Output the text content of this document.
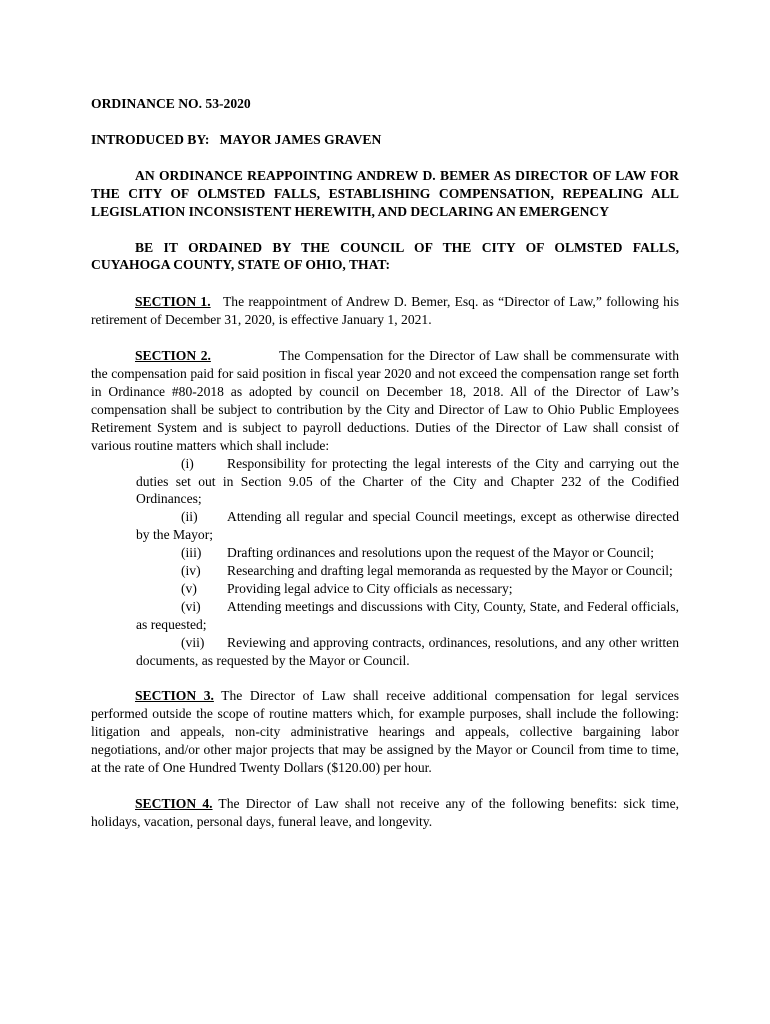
ORDINANCE NO. 53-2020

INTRODUCED BY:   MAYOR JAMES GRAVEN

AN ORDINANCE REAPPOINTING ANDREW D. BEMER AS DIRECTOR OF LAW FOR THE CITY OF OLMSTED FALLS, ESTABLISHING COMPENSATION, REPEALING ALL LEGISLATION INCONSISTENT HEREWITH, AND DECLARING AN EMERGENCY

BE IT ORDAINED BY THE COUNCIL OF THE CITY OF OLMSTED FALLS, CUYAHOGA COUNTY, STATE OF OHIO, THAT:

SECTION 1. The reappointment of Andrew D. Bemer, Esq. as “Director of Law,” following his retirement of December 31, 2020, is effective January 1, 2021.

SECTION 2.	The Compensation for the Director of Law shall be commensurate with the compensation paid for said position in fiscal year 2020 and not exceed the compensation range set forth in Ordinance #80-2018 as adopted by council on December 18, 2018. All of the Director of Law’s compensation shall be subject to contribution by the City and Director of Law to Ohio Public Employees Retirement System and is subject to payroll deductions. Duties of the Director of Law shall consist of various routine matters which shall include:

(i) Responsibility for protecting the legal interests of the City and carrying out the duties set out in Section 9.05 of the Charter of the City and Chapter 232 of the Codified Ordinances;

(ii) Attending all regular and special Council meetings, except as otherwise directed by the Mayor;

(iii) Drafting ordinances and resolutions upon the request of the Mayor or Council;

(iv) Researching and drafting legal memoranda as requested by the Mayor or Council;

(v) Providing legal advice to City officials as necessary;

(vi) Attending meetings and discussions with City, County, State, and Federal officials, as requested;

(vii) Reviewing and approving contracts, ordinances, resolutions, and any other written documents, as requested by the Mayor or Council.

SECTION 3. The Director of Law shall receive additional compensation for legal services performed outside the scope of routine matters which, for example purposes, shall include the following: litigation and appeals, non-city administrative hearings and appeals, collective bargaining labor negotiations, and/or other major projects that may be assigned by the Mayor or Council from time to time, at the rate of One Hundred Twenty Dollars ($120.00) per hour.

SECTION 4. The Director of Law shall not receive any of the following benefits: sick time, holidays, vacation, personal days, funeral leave, and longevity.
